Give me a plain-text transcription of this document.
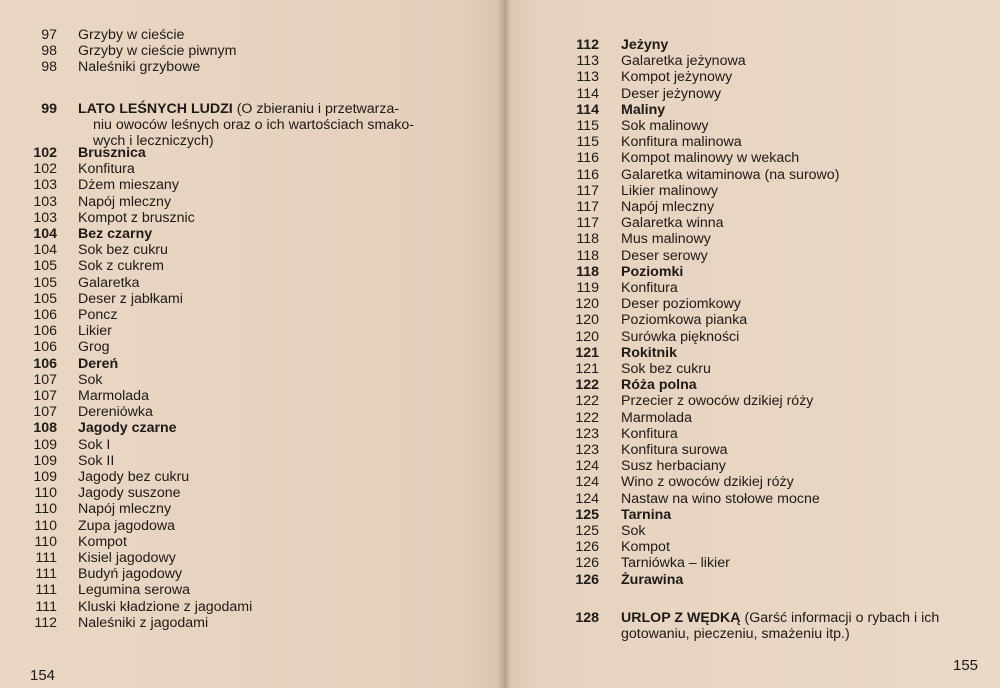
99 LATO LEŚNYCH LUDZI (O zbieraniu i przetwarza-
niu owoców leśnych oraz o ich wartościach smako-
wych i leczniczych)
154
97 Grzyby w cieście
98 Grzyby w cieście piwnym
98 Naleśniki grzybowe
102 Brusznica
102 Konfitura
103 Dżem mieszany
103 Napój mleczny
103 Kompot z brusznic
104 Bez czarny
104 Sok bez cukru
105 Sok z cukrem
105 Galaretka
105 Deser z jabłkami
106 Poncz
106 Likier
106 Grog
106 Dereń
107 Sok
107 Marmolada
107 Dereniówka
108 Jagody czarne
109 Sok I
109 Sok II
109 Jagody bez cukru
110 Jagody suszone
110 Napój mleczny
110 Zupa jagodowa
110 Kompot
111 Kisiel jagodowy
111 Budyń jagodowy
111 Legumina serowa
111 Kluski kładzione z jagodami
112 Naleśniki z jagodami	128 URLOP Z WĘDKĄ (Garść informacji o rybach i ich
gotowaniu, pieczeniu, smażeniu itp.)
155
112 Jeżyny
113 Galaretka jeżynowa
113 Kompot jeżynowy
114 Deser jeżynowy
114 Maliny
115 Sok malinowy
115 Konfitura malinowa
116 Kompot malinowy w wekach
116 Galaretka witaminowa (na surowo)
117 Likier malinowy
117 Napój mleczny
117 Galaretka winna
118 Mus malinowy
118 Deser serowy
118 Poziomki
119 Konfitura
120 Deser poziomkowy
120 Poziomkowa pianka
120 Surówka piękności
121 Rokitnik
121 Sok bez cukru
122 Róża polna
122 Przecier z owoców dzikiej róży
122 Marmolada
123 Konfitura
123 Konfitura surowa
124 Susz herbaciany
124 Wino z owoców dzikiej róży
124 Nastaw na wino stołowe mocne
125 Tarnina
125 Sok
126 Kompot
126 Tarniówka – likier
126 Żurawina
